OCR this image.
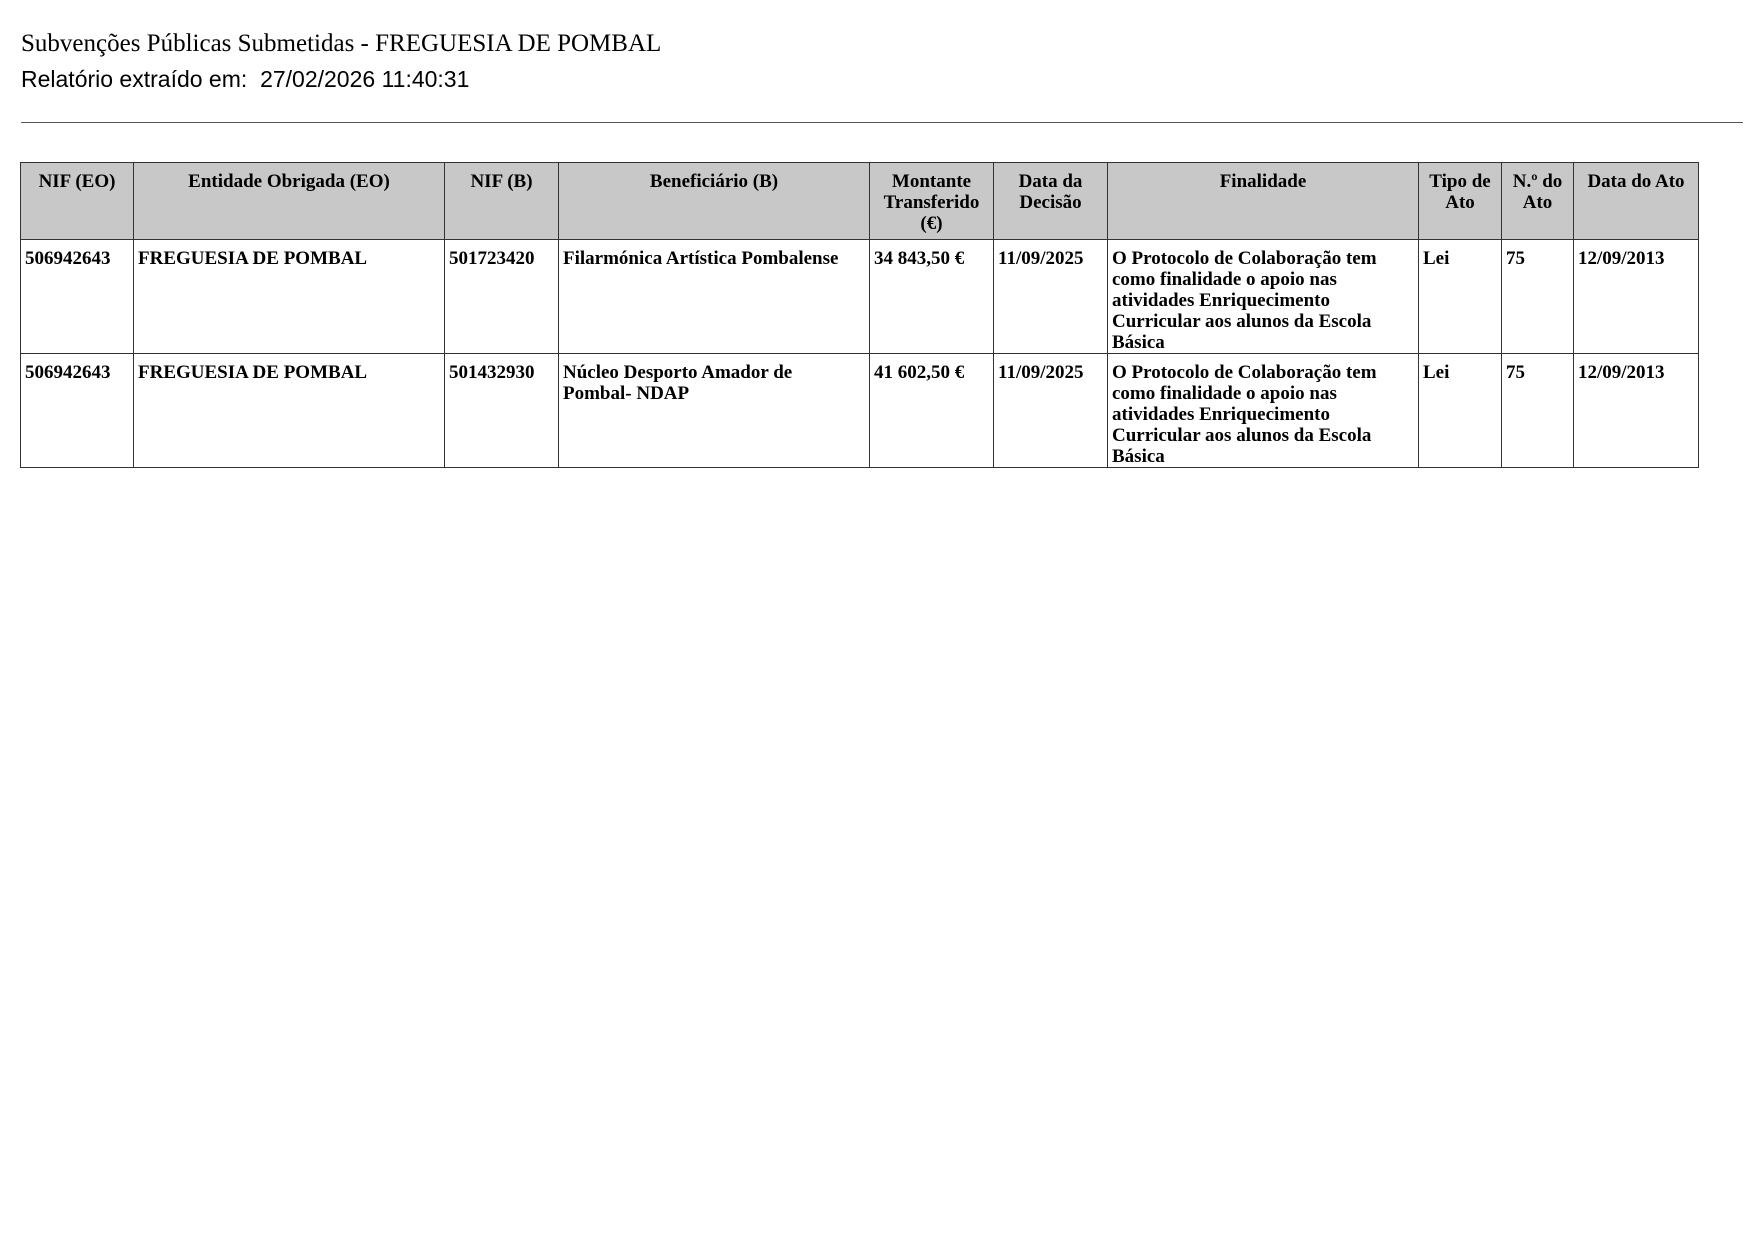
Subvenções Públicas Submetidas - FREGUESIA DE POMBAL
Relatório extraído em: 27/02/2026 11:40:31
NIF (EO)	Entidade Obrigada (EO)	NIF (B)	Beneficiário (B)	Montante Transferido (€)	Data da Decisão	Finalidade	Tipo de Ato	N.º do Ato	Data do Ato
506942643	FREGUESIA DE POMBAL	501723420	Filarmónica Artística Pombalense	34 843,50 €	11/09/2025	O Protocolo de Colaboração tem como finalidade o apoio nas atividades Enriquecimento Curricular aos alunos da Escola Básica	Lei	75	12/09/2013
506942643	FREGUESIA DE POMBAL	501432930	Núcleo Desporto Amador de Pombal- NDAP	41 602,50 €	11/09/2025	O Protocolo de Colaboração tem como finalidade o apoio nas atividades Enriquecimento Curricular aos alunos da Escola Básica	Lei	75	12/09/2013
